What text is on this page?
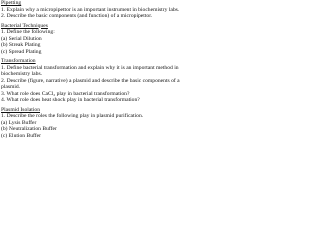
Pipetting
1. Explain why a micropipettor is an important instrument in biochemistry labs.
2. Describe the basic components (and function) of a micropipettor.
Bacterial Techniques
1. Define the following:
(a) Serial Dilution
(b) Streak Plating
(c) Spread Plating
Transformation
1. Define bacterial transformation and explain why it is an important method in biochemistry labs.
2. Describe (figure, narrative) a plasmid and describe the basic components of a plasmid.
3. What role does CaCl₂ play in bacterial transformation?
4. What role does heat shock play in bacterial transformation?
Plasmid Isolation
1. Describe the roles the following play in plasmid purification.
(a) Lysis Buffer
(b) Neutralization Buffer
(c) Elution Buffer
